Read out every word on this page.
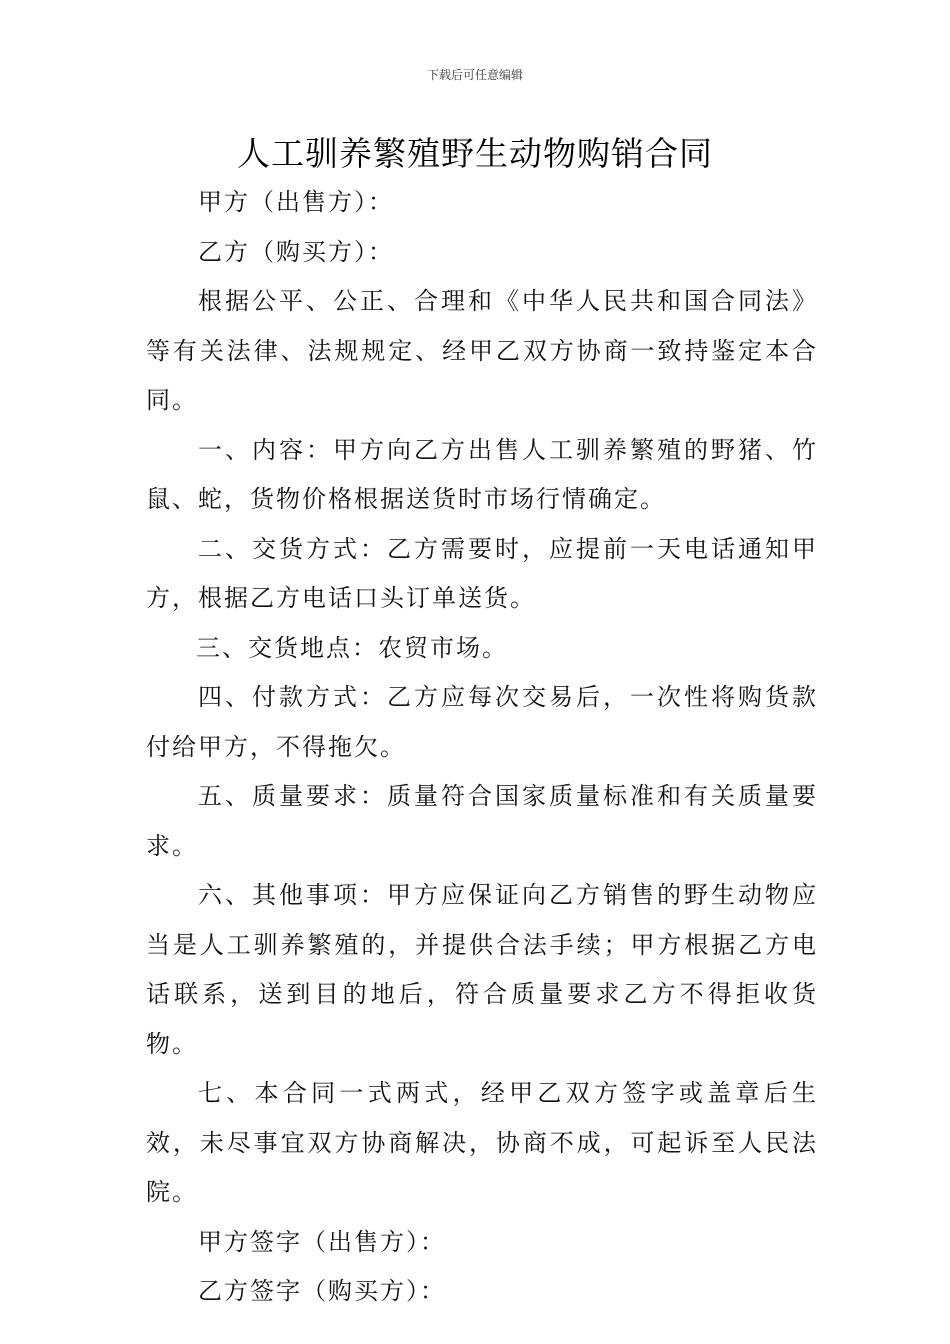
下载后可任意编辑
人工驯养繁殖野生动物购销合同

甲方（出售方）：

乙方（购买方）：

根据公平、公正、合理和《中华人民共和国合同法》等有关法律、法规规定、经甲乙双方协商一致持鉴定本合同。

一、内容：甲方向乙方出售人工驯养繁殖的野猪、竹鼠、蛇，货物价格根据送货时市场行情确定。

二、交货方式：乙方需要时，应提前一天电话通知甲方，根据乙方电话口头订单送货。

三、交货地点：农贸市场。

四、付款方式：乙方应每次交易后，一次性将购货款付给甲方，不得拖欠。

五、质量要求：质量符合国家质量标准和有关质量要求。

六、其他事项：甲方应保证向乙方销售的野生动物应当是人工驯养繁殖的，并提供合法手续；甲方根据乙方电话联系，送到目的地后，符合质量要求乙方不得拒收货物。

七、本合同一式两式，经甲乙双方签字或盖章后生效，未尽事宜双方协商解决，协商不成，可起诉至人民法院。

甲方签字（出售方）：

乙方签字（购买方）：
